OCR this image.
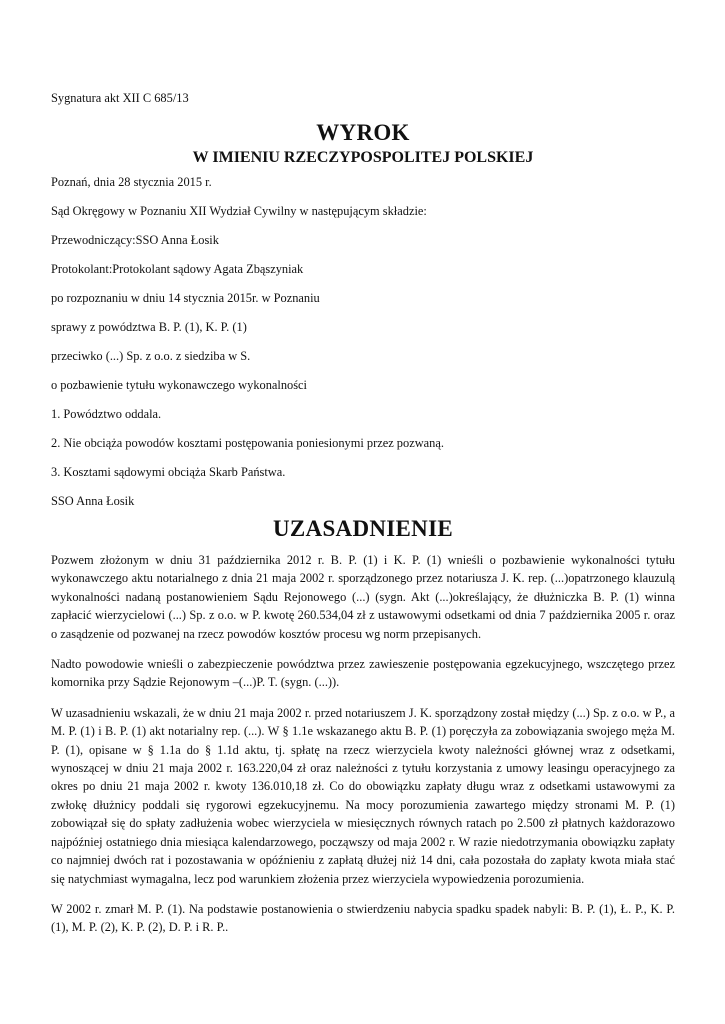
Sygnatura akt XII C 685/13

WYROK
W IMIENIU RZECZYPOSPOLITEJ POLSKIEJ

Poznań, dnia 28 stycznia 2015 r.

Sąd Okręgowy w Poznaniu XII Wydział Cywilny w następującym składzie:

Przewodniczący:SSO Anna Łosik

Protokolant:Protokolant sądowy Agata Zbąszyniak

po rozpoznaniu w dniu 14 stycznia 2015r. w Poznaniu

sprawy z powództwa B. P. (1), K. P. (1)

przeciwko (...) Sp. z o.o. z siedziba w S.

o pozbawienie tytułu wykonawczego wykonalności

1. Powództwo oddala.

2. Nie obciąża powodów kosztami postępowania poniesionymi przez pozwaną.

3. Kosztami sądowymi obciąża Skarb Państwa.

SSO Anna Łosik

UZASADNIENIE

Pozwem złożonym w dniu 31 października 2012 r. B. P. (1) i K. P. (1) wnieśli o pozbawienie wykonalności tytułu wykonawczego aktu notarialnego z dnia 21 maja 2002 r. sporządzonego przez notariusza J. K. rep. (...)opatrzonego klauzulą wykonalności nadaną postanowieniem Sądu Rejonowego (...) (sygn. Akt (...)określający, że dłużniczka B. P. (1) winna zapłacić wierzycielowi (...) Sp. z o.o. w P. kwotę 260.534,04 zł z ustawowymi odsetkami od dnia 7 października 2005 r. oraz o zasądzenie od pozwanej na rzecz powodów kosztów procesu wg norm przepisanych.

Nadto powodowie wnieśli o zabezpieczenie powództwa przez zawieszenie postępowania egzekucyjnego, wszczętego przez komornika przy Sądzie Rejonowym –(...)P. T. (sygn. (...)).

W uzasadnieniu wskazali, że w dniu 21 maja 2002 r. przed notariuszem J. K. sporządzony został między (...) Sp. z o.o. w P., a M. P. (1) i B. P. (1) akt notarialny rep. (...). W § 1.1e wskazanego aktu B. P. (1) poręczyła za zobowiązania swojego męża M. P. (1), opisane w § 1.1a do § 1.1d aktu, tj. spłatę na rzecz wierzyciela kwoty należności głównej wraz z odsetkami, wynoszącej w dniu 21 maja 2002 r. 163.220,04 zł oraz należności z tytułu korzystania z umowy leasingu operacyjnego za okres po dniu 21 maja 2002 r. kwoty 136.010,18 zł. Co do obowiązku zapłaty długu wraz z odsetkami ustawowymi za zwłokę dłużnicy poddali się rygorowi egzekucyjnemu. Na mocy porozumienia zawartego między stronami M. P. (1) zobowiązał się do spłaty zadłużenia wobec wierzyciela w miesięcznych równych ratach po 2.500 zł płatnych każdorazowo najpóźniej ostatniego dnia miesiąca kalendarzowego, począwszy od maja 2002 r. W razie niedotrzymania obowiązku zapłaty co najmniej dwóch rat i pozostawania w opóźnieniu z zapłatą dłużej niż 14 dni, cała pozostała do zapłaty kwota miała stać się natychmiast wymagalna, lecz pod warunkiem złożenia przez wierzyciela wypowiedzenia porozumienia.

W 2002 r. zmarł M. P. (1). Na podstawie postanowienia o stwierdzeniu nabycia spadku spadek nabyli: B. P. (1), Ł. P., K. P. (1), M. P. (2), K. P. (2), D. P. i R. P..
